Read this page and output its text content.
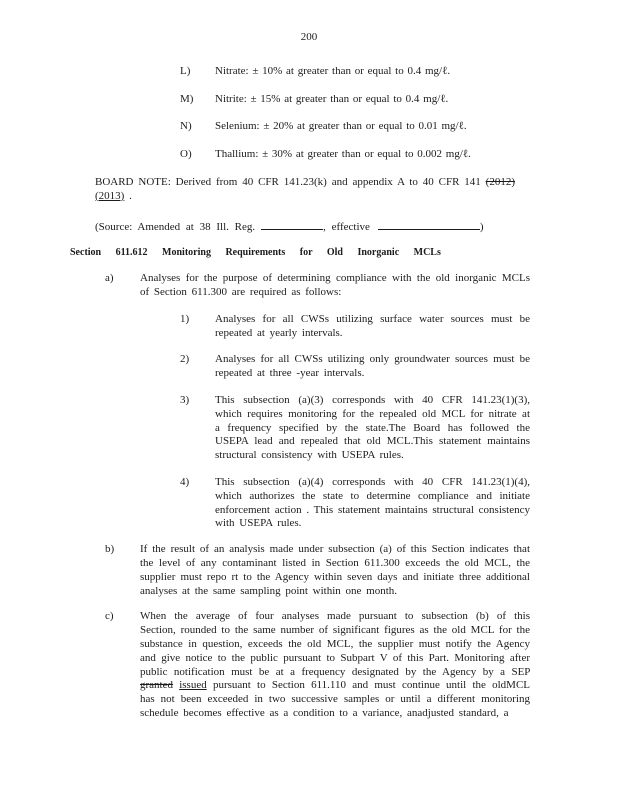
200
L)	Nitrate: ± 10% at greater than or equal to 0.4 mg/ℓ.
M)	Nitrite: ± 15% at greater than or equal to 0.4 mg/ℓ.
N)	Selenium: ± 20% at greater than or equal to 0.01 mg/ℓ.
O)	Thallium: ± 30% at greater than or equal to 0.002 mg/ℓ.

BOARD NOTE: Derived from 40 CFR 141.23(k) and appendix A to 40 CFR 141 (2012) (2013) .

(Source: Amended at 38 Ill. Reg.	, effective	)
Section 611.612 Monitoring Requirements for Old Inorganic MCLs
a)	Analyses for the purpose of determining compliance with the old inorganic MCLs of Section 611.300 are required as follows:

1)	Analyses for all CWSs utilizing surface water sources must be repeated at yearly intervals.

2)	Analyses for all CWSs utilizing only groundwater sources must be repeated at three -year intervals.

3)	This subsection (a)(3) corresponds with 40 CFR 141.23(1)(3), which requires monitoring for the repealed old MCL for nitrate at a frequency specified by the state.The Board has followed the USEPA lead and repealed that old MCL.This statement maintains structural consistency with USEPA rules.

4)	This subsection (a)(4) corresponds with 40 CFR 141.23(1)(4), which authorizes the state to determine compliance and initiate enforcement action . This statement maintains structural consistency with USEPA rules.

b)	If the result of an analysis made under subsection (a) of this Section indicates that the level of any contaminant listed in Section 611.300 exceeds the old MCL, the supplier must repo rt to the Agency within seven days and initiate three additional analyses at the same sampling point within one month.

c)	When the average of four analyses made pursuant to subsection (b) of this Section, rounded to the same number of significant figures as the old MCL for the substance in question, exceeds the old MCL, the supplier must notify the Agency and give notice to the public pursuant to Subpart V of this Part. Monitoring after public notification must be at a frequency designated by the Agency by a SEP granted issued pursuant to Section 611.110 and must continue until the oldMCL has not been exceeded in two successive samples or until a different monitoring schedule becomes effective as a condition to a variance, anadjusted standard, a
